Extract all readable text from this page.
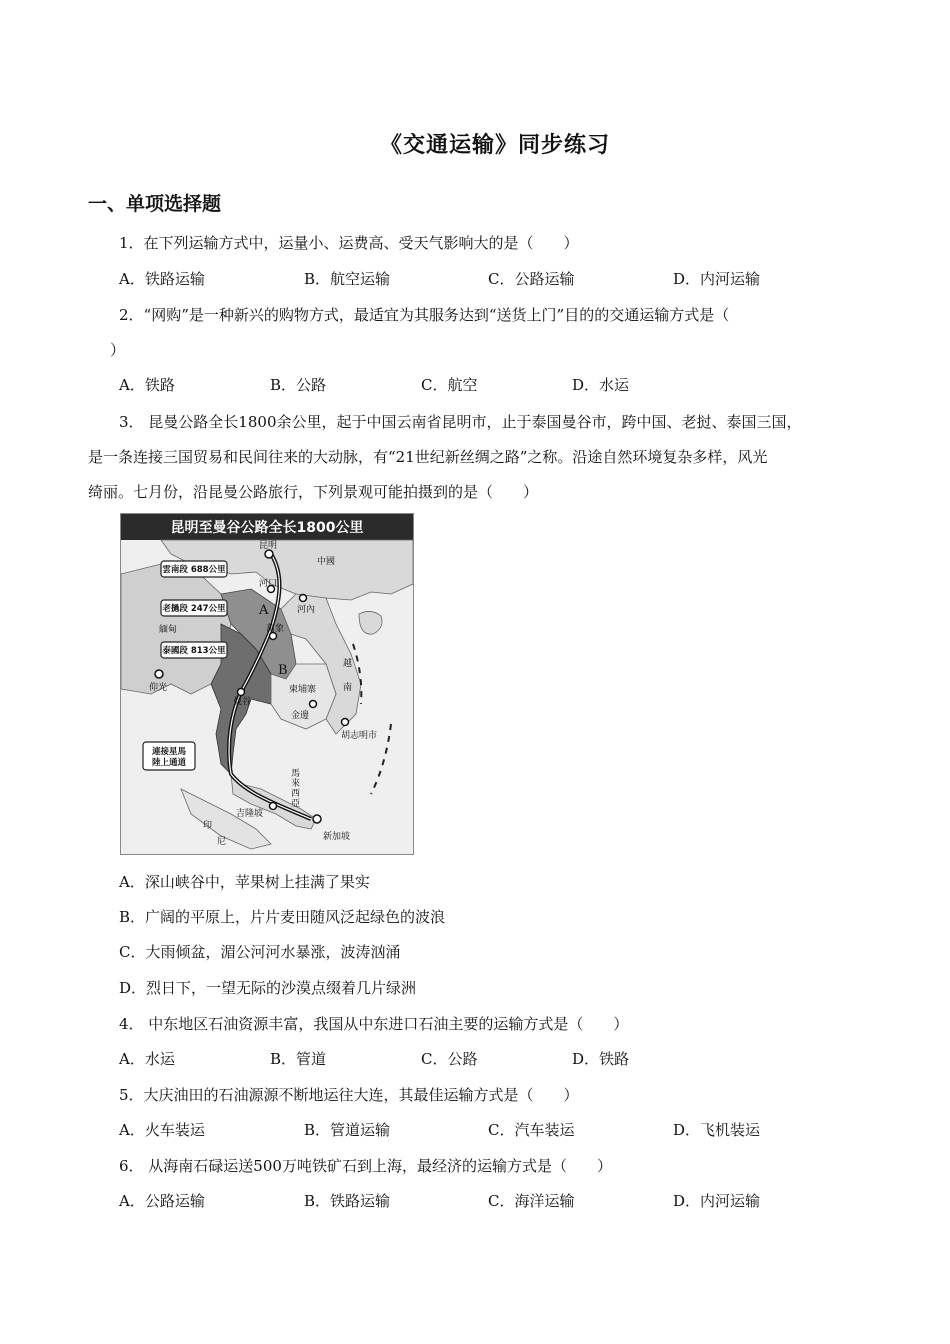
《交通运输》同步练习
一、单项选择题
1．在下列运输方式中，运量小、运费高、受天气影响大的是（　　）
A．铁路运输	B．航空运输	C．公路运输	D．内河运输
2．“网购”是一种新兴的购物方式，最适宜为其服务达到“送货上门”目的的交通运输方式是（
）
A．铁路	B．公路	C．航空	D．水运
3． 昆曼公路全长1800余公里，起于中国云南省昆明市，止于泰国曼谷市，跨中国、老挝、泰国三国，
是一条连接三国贸易和民间往来的大动脉，有“21世纪新丝绸之路”之称。沿途自然环境复杂多样，风光
绮丽。七月份，沿昆曼公路旅行，下列景观可能拍摄到的是（　　）
昆明至曼谷公路全长1800公里
雲南段 688公里
老撾段 247公里
泰國段 813公里
連接星馬
陸上通道
昆明
中國
河口
河內
A
B
萬象
緬甸
仰光
曼谷
柬埔寨
金邊
越
南
胡志明市
馬
來
西
亞
吉隆坡
新加坡
印
尼
A．深山峡谷中，苹果树上挂满了果实
B．广阔的平原上，片片麦田随风泛起绿色的波浪
C．大雨倾盆，湄公河河水暴涨，波涛汹涌
D．烈日下，一望无际的沙漠点缀着几片绿洲
4． 中东地区石油资源丰富，我国从中东进口石油主要的运输方式是（　　）
A．水运	B．管道	C．公路	D．铁路
5．大庆油田的石油源源不断地运往大连，其最佳运输方式是（　　）
A．火车装运	B．管道运输	C．汽车装运	D．飞机装运
6． 从海南石碌运送500万吨铁矿石到上海，最经济的运输方式是（　　）
A．公路运输	B．铁路运输	C．海洋运输	D．内河运输
